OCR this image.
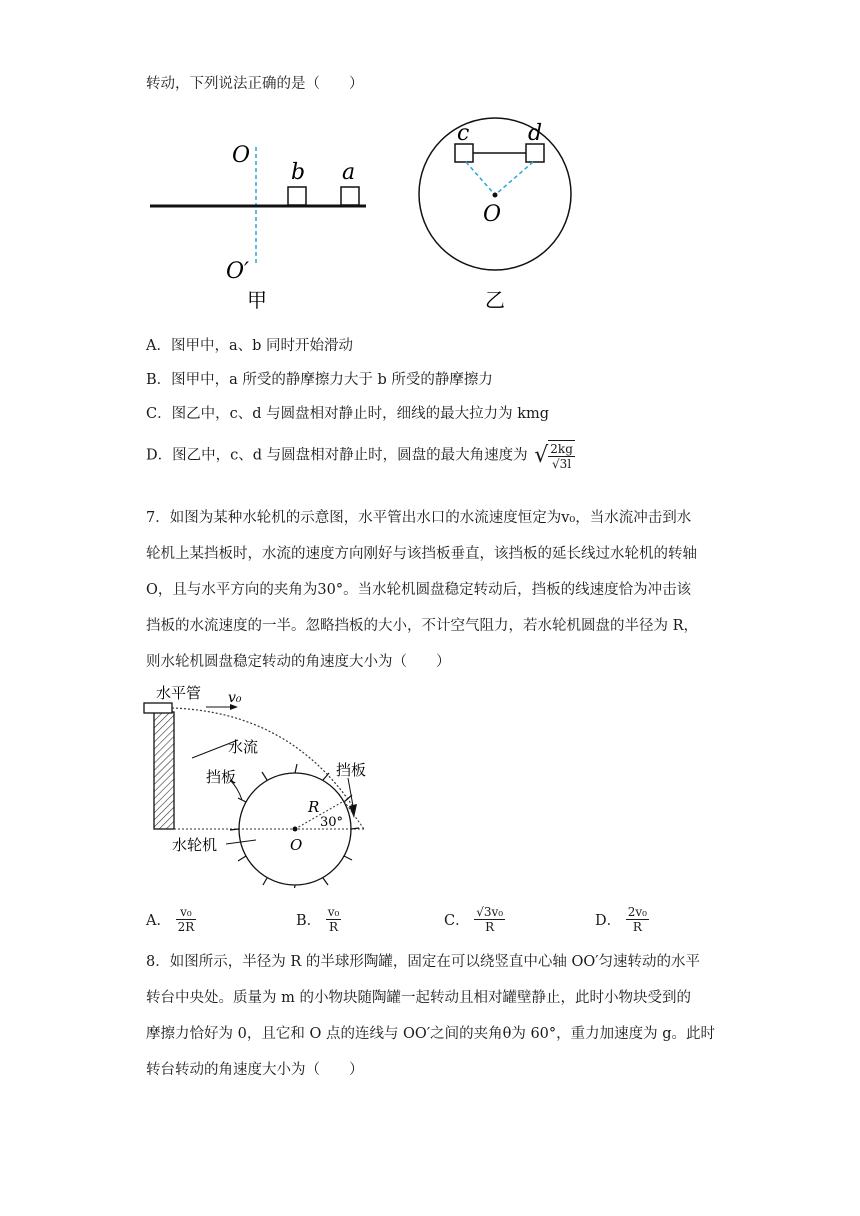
转动，下列说法正确的是（　　）
O
b a
O′
甲
c	d
O
乙
A．图甲中，a、b 同时开始滑动
B．图甲中，a 所受的静摩擦力大于 b 所受的静摩擦力
C．图乙中，c、d 与圆盘相对静止时，细线的最大拉力为 kmg
D．图乙中，c、d 与圆盘相对静止时，圆盘的最大角速度为 √ $\frac{2kg}{√3l}$

7．如图为某种水轮机的示意图，水平管出水口的水流速度恒定为v₀，当水流冲击到水

轮机上某挡板时，水流的速度方向刚好与该挡板垂直，该挡板的延长线过水轮机的转轴

O，且与水平方向的夹角为30°。当水轮机圆盘稳定转动后，挡板的线速度恰为冲击该

挡板的水流速度的一半。忽略挡板的大小，不计空气阻力，若水轮机圆盘的半径为 R，

则水轮机圆盘稳定转动的角速度大小为（　　）

水平管 v₀
水流
挡板	挡板
R
30°
水轮机	O
A． $\frac{\text{v₀}}{2R}$	B． $\frac{\text{v₀}}{R}$	C． $\frac{\text{√3v₀}}{R}$	D． $\frac{\text{2v₀}}{R}$

8．如图所示，半径为 R 的半球形陶罐，固定在可以绕竖直中心轴 OO′匀速转动的水平

转台中央处。质量为 m 的小物块随陶罐一起转动且相对罐壁静止，此时小物块受到的

摩擦力恰好为 0，且它和 O 点的连线与 OO′之间的夹角θ为 60°，重力加速度为 g。此时

转台转动的角速度大小为（　　）
